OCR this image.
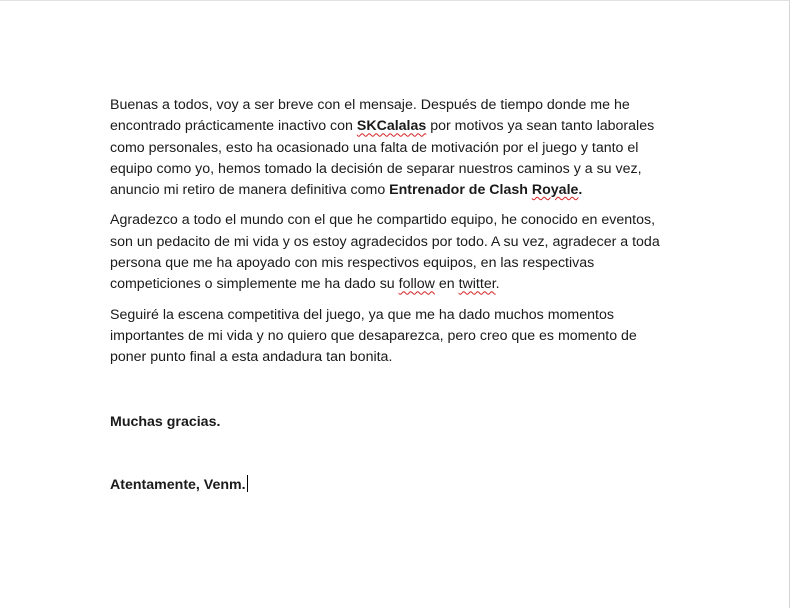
Buenas a todos, voy a ser breve con el mensaje. Después de tiempo donde me he
encontrado prácticamente inactivo con SKCalalas por motivos ya sean tanto laborales
como personales, esto ha ocasionado una falta de motivación por el juego y tanto el
equipo como yo, hemos tomado la decisión de separar nuestros caminos y a su vez,
anuncio mi retiro de manera definitiva como Entrenador de Clash Royale.

Agradezco a todo el mundo con el que he compartido equipo, he conocido en eventos,
son un pedacito de mi vida y os estoy agradecidos por todo. A su vez, agradecer a toda
persona que me ha apoyado con mis respectivos equipos, en las respectivas
competiciones o simplemente me ha dado su follow en twitter.

Seguiré la escena competitiva del juego, ya que me ha dado muchos momentos
importantes de mi vida y no quiero que desaparezca, pero creo que es momento de
poner punto final a esta andadura tan bonita.

Muchas gracias.
Atentamente, Venm.
